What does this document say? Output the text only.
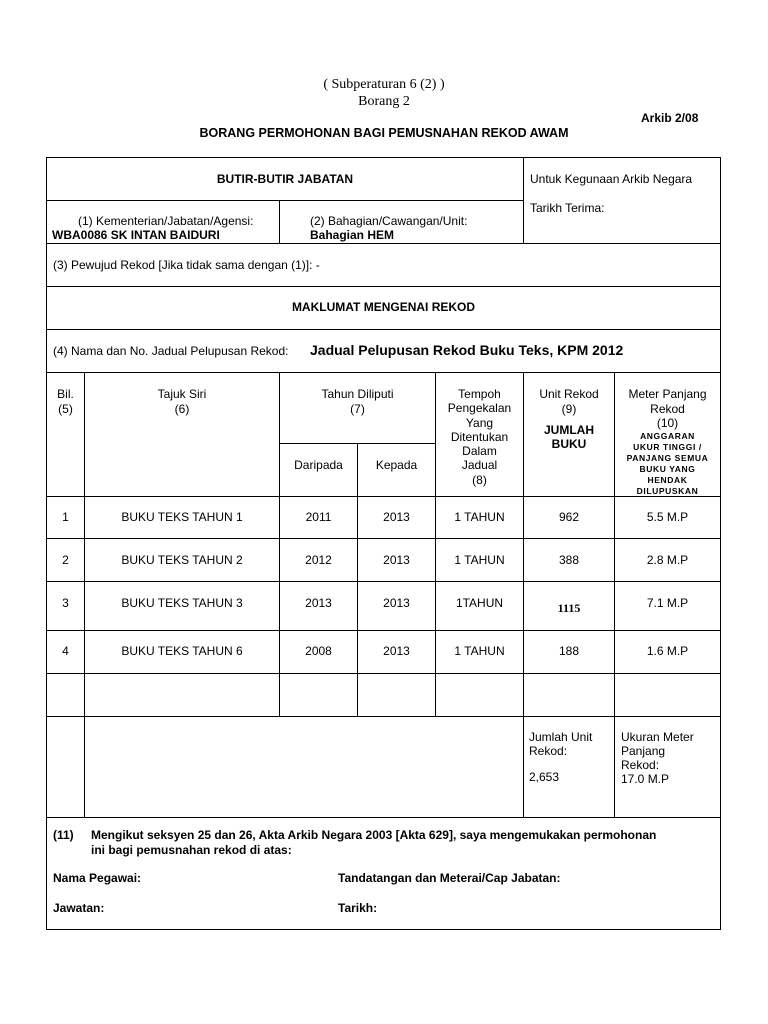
( Subperaturan 6 (2) )
Borang 2
Arkib 2/08
BORANG PERMOHONAN BAGI PEMUSNAHAN REKOD AWAM
BUTIR-BUTIR JABATAN	Untuk Kegunaan Arkib Negara
Tarikh Terima:
(1) Kementerian/Jabatan/Agensi:
WBA0086 SK INTAN BAIDURI
(2) Bahagian/Cawangan/Unit:
Bahagian HEM
(3) Pewujud Rekod [Jika tidak sama dengan (1)]: -
MAKLUMAT MENGENAI REKOD
(4) Nama dan No. Jadual Pelupusan Rekod: Jadual Pelupusan Rekod Buku Teks, KPM 2012
Bil.
(5)
Tajuk Siri
(6)
Tahun Diliputi
(7)
Daripada	Kepada
Tempoh
Pengekalan
Yang
Ditentukan
Dalam
Jadual
(8)
Unit Rekod
(9)
JUMLAH
BUKU
Meter Panjang
Rekod
(10)
ANGGARAN
UKUR TINGGI /
PANJANG SEMUA
BUKU YANG
HENDAK
DILUPUSKAN
1	BUKU TEKS TAHUN 1	2011	2013	1 TAHUN	962	5.5 M.P
2	BUKU TEKS TAHUN 2	2012	2013	1 TAHUN	388	2.8 M.P
3	BUKU TEKS TAHUN 3	2013	2013	1TAHUN	1115	7.1 M.P
4	BUKU TEKS TAHUN 6	2008	2013	1 TAHUN	188	1.6 M.P
Jumlah Unit
Rekod:
2,653
Ukuran Meter
Panjang
Rekod:
17.0 M.P
(11) Mengikut seksyen 25 dan 26, Akta Arkib Negara 2003 [Akta 629], saya mengemukakan permohonan
ini bagi pemusnahan rekod di atas:
Nama Pegawai:	Tandatangan dan Meterai/Cap Jabatan:
Jawatan:	Tarikh:
